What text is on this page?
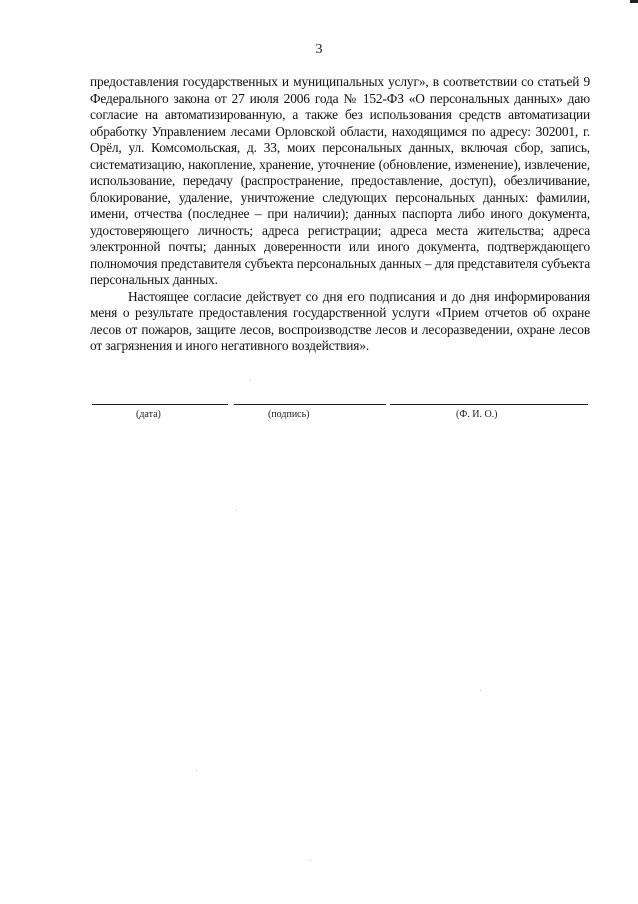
3

предоставления государственных и муниципальных услуг», в соответствии со статьей 9 Федерального закона от 27 июля 2006 года № 152-ФЗ «О персональных данных» даю согласие на автоматизированную, а также без использования средств автоматизации обработку Управлением лесами Орловской области, находящимся по адресу: 302001, г. Орёл, ул. Комсомольская, д. 33, моих персональных данных, включая сбор, запись, систематизацию, накопление, хранение, уточнение (обновление, изменение), извлечение, использование, передачу (распространение, предоставление, доступ), обезличивание, блокирование, удаление, уничтожение следующих персональных данных: фамилии, имени, отчества (последнее – при наличии); данных паспорта либо иного документа, удостоверяющего личность; адреса регистрации; адреса места жительства; адреса электронной почты; данных доверенности или иного документа, подтверждающего полномочия представителя субъекта персональных данных – для представителя субъекта персональных данных.

Настоящее согласие действует со дня его подписания и до дня информирования меня о результате предоставления государственной услуги «Прием отчетов об охране лесов от пожаров, защите лесов, воспроизводстве лесов и лесоразведении, охране лесов от загрязнения и иного негативного воздействия».

(дата)	(подпись)	(Ф. И. О.)
